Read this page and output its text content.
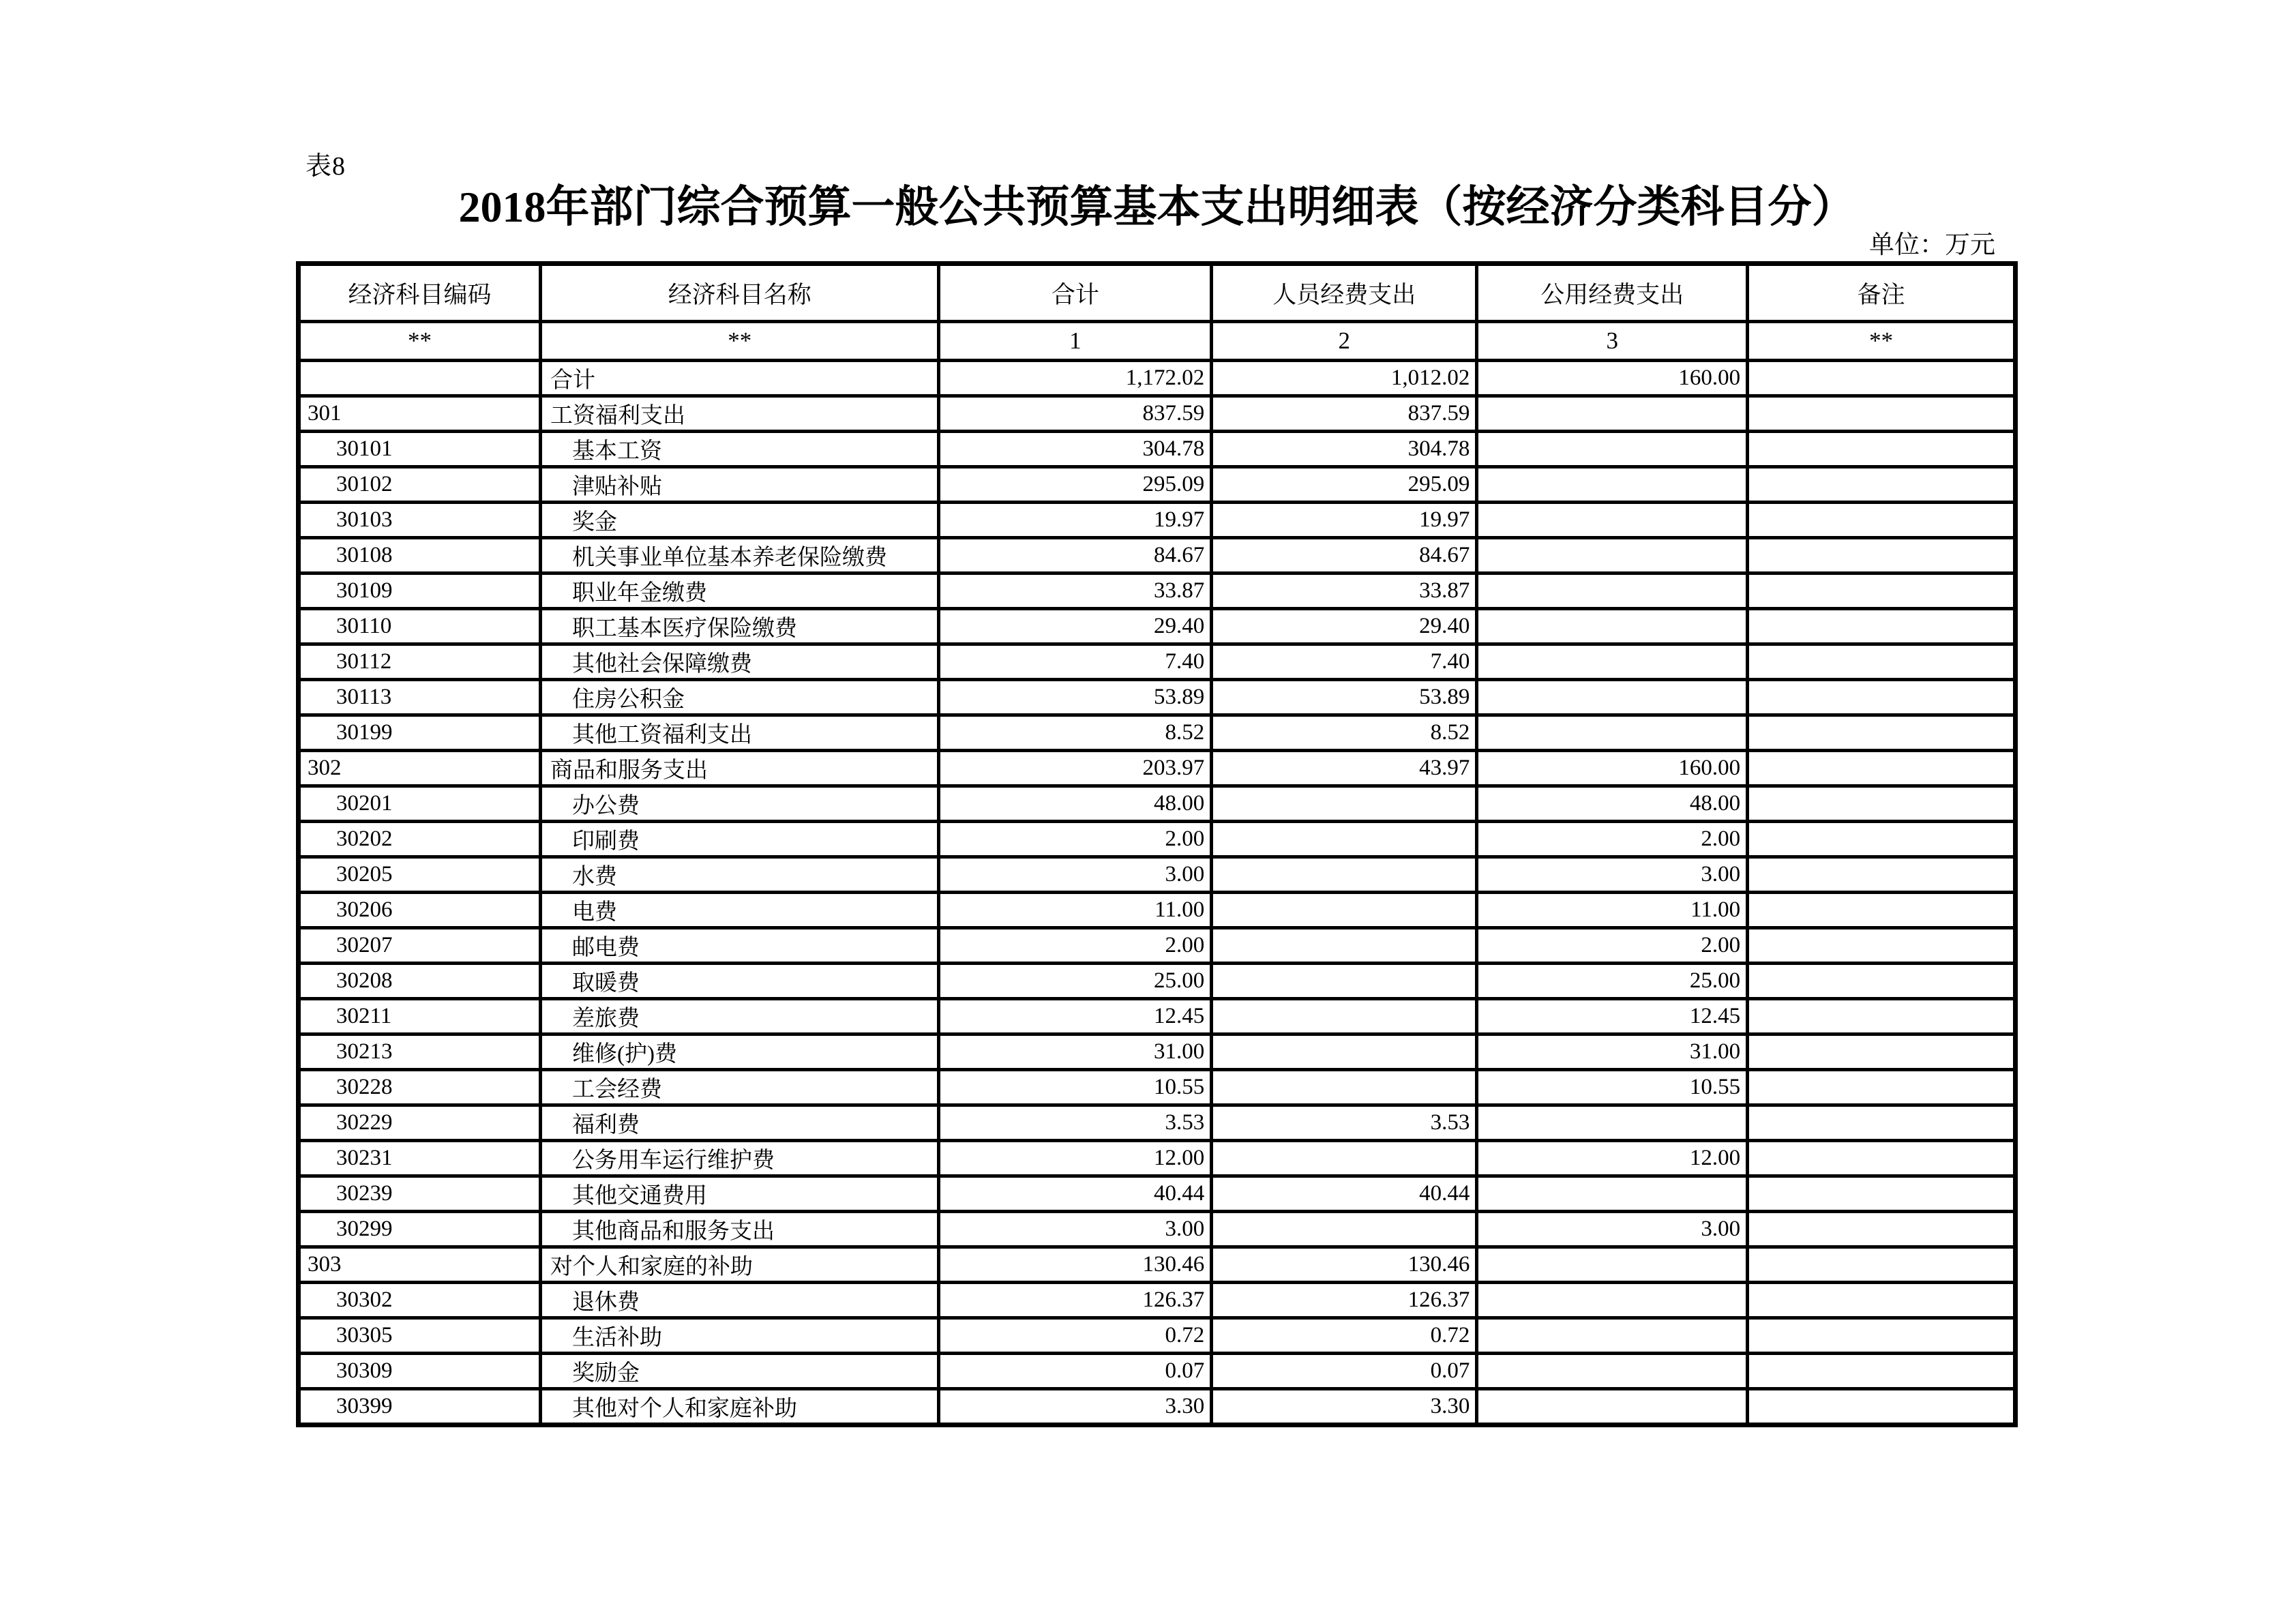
表8
2018年部门综合预算一般公共预算基本支出明细表（按经济分类科目分）
单位：万元
经济科目编码	经济科目名称	合计	人员经费支出	公用经费支出	备注
**	**	1	2	3	**
	合计	1,172.02	1,012.02	160.00	
301	工资福利支出	837.59	837.59		
30101	基本工资	304.78	304.78		
30102	津贴补贴	295.09	295.09		
30103	奖金	19.97	19.97		
30108	机关事业单位基本养老保险缴费	84.67	84.67		
30109	职业年金缴费	33.87	33.87		
30110	职工基本医疗保险缴费	29.40	29.40		
30112	其他社会保障缴费	7.40	7.40		
30113	住房公积金	53.89	53.89		
30199	其他工资福利支出	8.52	8.52		
302	商品和服务支出	203.97	43.97	160.00	
30201	办公费	48.00		48.00	
30202	印刷费	2.00		2.00	
30205	水费	3.00		3.00	
30206	电费	11.00		11.00	
30207	邮电费	2.00		2.00	
30208	取暖费	25.00		25.00	
30211	差旅费	12.45		12.45	
30213	维修(护)费	31.00		31.00	
30228	工会经费	10.55		10.55	
30229	福利费	3.53	3.53		
30231	公务用车运行维护费	12.00		12.00	
30239	其他交通费用	40.44	40.44		
30299	其他商品和服务支出	3.00		3.00	
303	对个人和家庭的补助	130.46	130.46		
30302	退休费	126.37	126.37		
30305	生活补助	0.72	0.72		
30309	奖励金	0.07	0.07		
30399	其他对个人和家庭补助	3.30	3.30		
